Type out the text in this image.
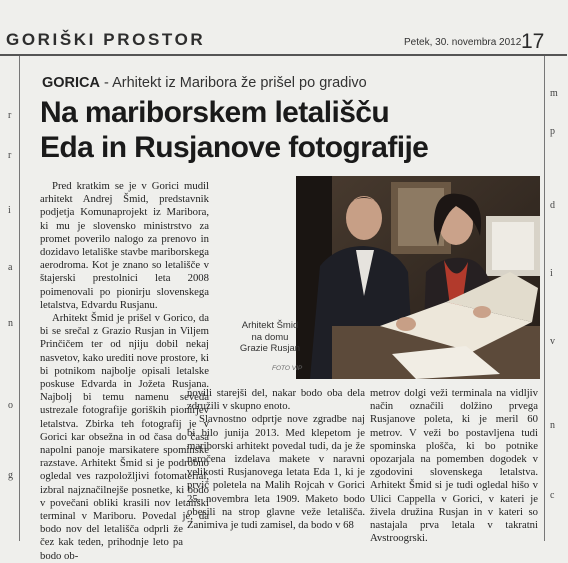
GORIŠKI PROSTOR	Petek, 30. novembra 2012 17
r
r
i
a
n
o
g
m
p
d
i
v
n
c
GORICA - Arhitekt iz Maribora že prišel po gradivo
Na mariborskem letališču
Eda in Rusjanove fotografije
Arhitekt Šmid
na domu
Grazie Rusjan
FOTO VIP

Pred kratkim se je v Gorici mudil arhitekt Andrej Šmid, predstavnik podjetja Komunaprojekt iz Maribora, ki mu je slovensko ministrstvo za promet poverilo nalogo za prenovo in dozidavo letališke stavbe mariborskega aerodroma. Kot je znano so letališče v štajerski prestolnici leta 2008 poimenovali po pionirju slovenskega letalstva, Edvardu Rusjanu.

Arhitekt Šmid je prišel v Gorico, da bi se srečal z Grazio Rusjan in Viljem Prinčičem ter od njiju dobil nekaj nasvetov, kako urediti nove prostore, ki bi potnikom najbolje opisali letalske poskuse Edvarda in Jožeta Rusjana. Najbolj bi temu namenu seveda ustrezale fotografije goriških pionirjev letalstva. Zbirka teh fotografij je v Gorici kar obsežna in od časa do časa napolni panoje marsikatere spominske razstave. Arhitekt Šmid si je podrobno ogledal ves razpoložljivi fotomaterial, izbral najznačilnejše posnetke, ki bodo v povečani obliki krasili nov letališki terminal v Mariboru. Povedal je, da bodo nov del letališča odprli že čez kak teden, prihodnje leto pa bodo ob-

novili starejši del, nakar bodo oba dela združili v skupno enoto.

Slavnostno odprtje nove zgradbe naj bi bilo junija 2013. Med klepetom je mariborski arhitekt povedal tudi, da je že naročena izdelava makete v naravni velikosti Rusjanovega letata Eda 1, ki je prvič poletela na Malih Rojcah v Gorici 25. novembra leta 1909. Maketo bodo obesili na strop glavne veže letališča. Zanimiva je tudi zamisel, da bodo v 68

metrov dolgi veži terminala na vidljiv način označili dolžino prvega Rusjanove poleta, ki je meril 60 metrov. V veži bo postavljena tudi spominska plošča, ki bo potnike opozarjala na pomemben dogodek v zgodovini slovenskega letalstva. Arhitekt Šmid si je tudi ogledal hišo v Ulici Cappella v Gorici, v kateri je živela družina Rusjan in v kateri so nastajala prva letala v takratni Avstroogrski.
